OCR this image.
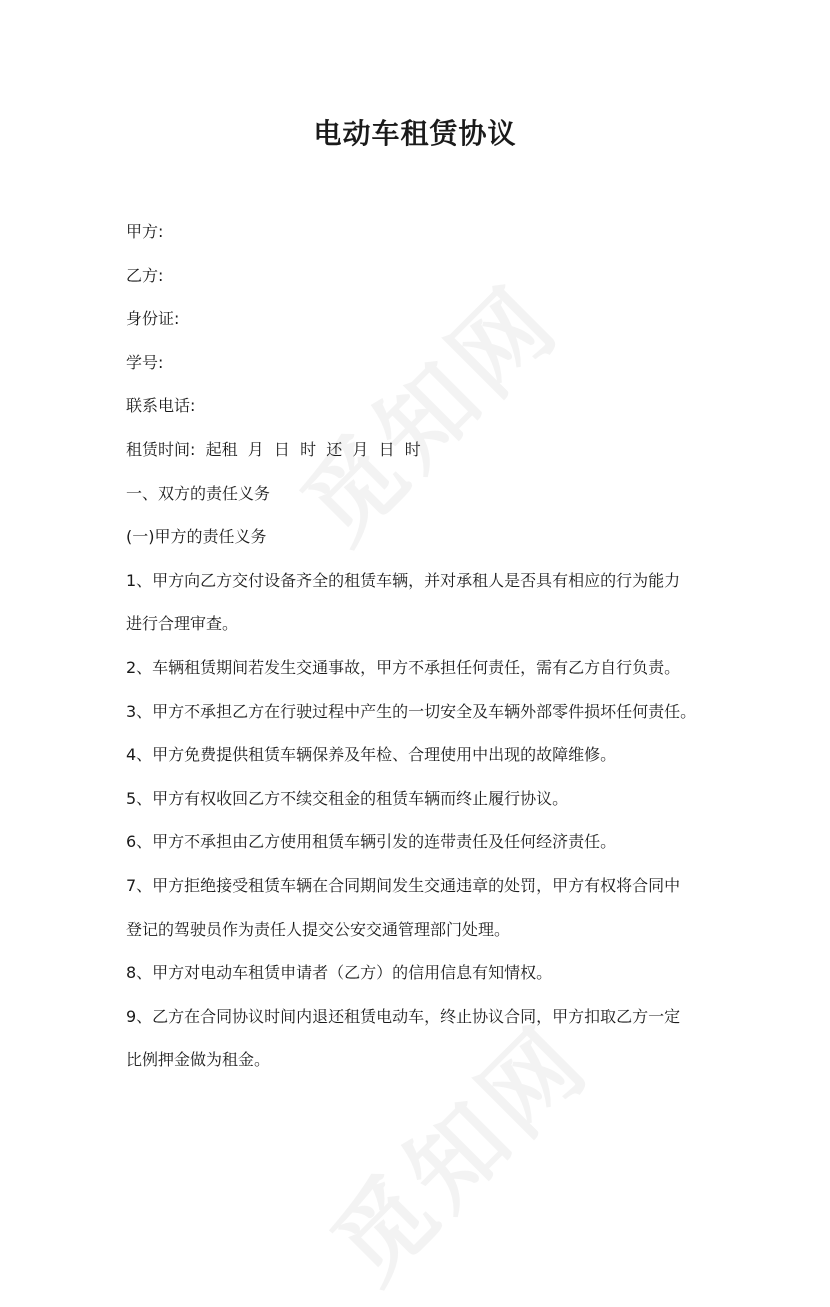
电动车租赁协议
甲方:
乙方:
身份证:
学号:
联系电话:
租赁时间:  起租  月  日  时  还  月  日  时
一、双方的责任义务
(一)甲方的责任义务
1、甲方向乙方交付设备齐全的租赁车辆，并对承租人是否具有相应的行为能力
进行合理审查。
2、车辆租赁期间若发生交通事故，甲方不承担任何责任，需有乙方自行负责。
3、甲方不承担乙方在行驶过程中产生的一切安全及车辆外部零件损坏任何责任。
4、甲方免费提供租赁车辆保养及年检、合理使用中出现的故障维修。
5、甲方有权收回乙方不续交租金的租赁车辆而终止履行协议。
6、甲方不承担由乙方使用租赁车辆引发的连带责任及任何经济责任。
7、甲方拒绝接受租赁车辆在合同期间发生交通违章的处罚，甲方有权将合同中
登记的驾驶员作为责任人提交公安交通管理部门处理。
8、甲方对电动车租赁申请者（乙方）的信用信息有知情权。
9、乙方在合同协议时间内退还租赁电动车，终止协议合同，甲方扣取乙方一定
比例押金做为租金。
